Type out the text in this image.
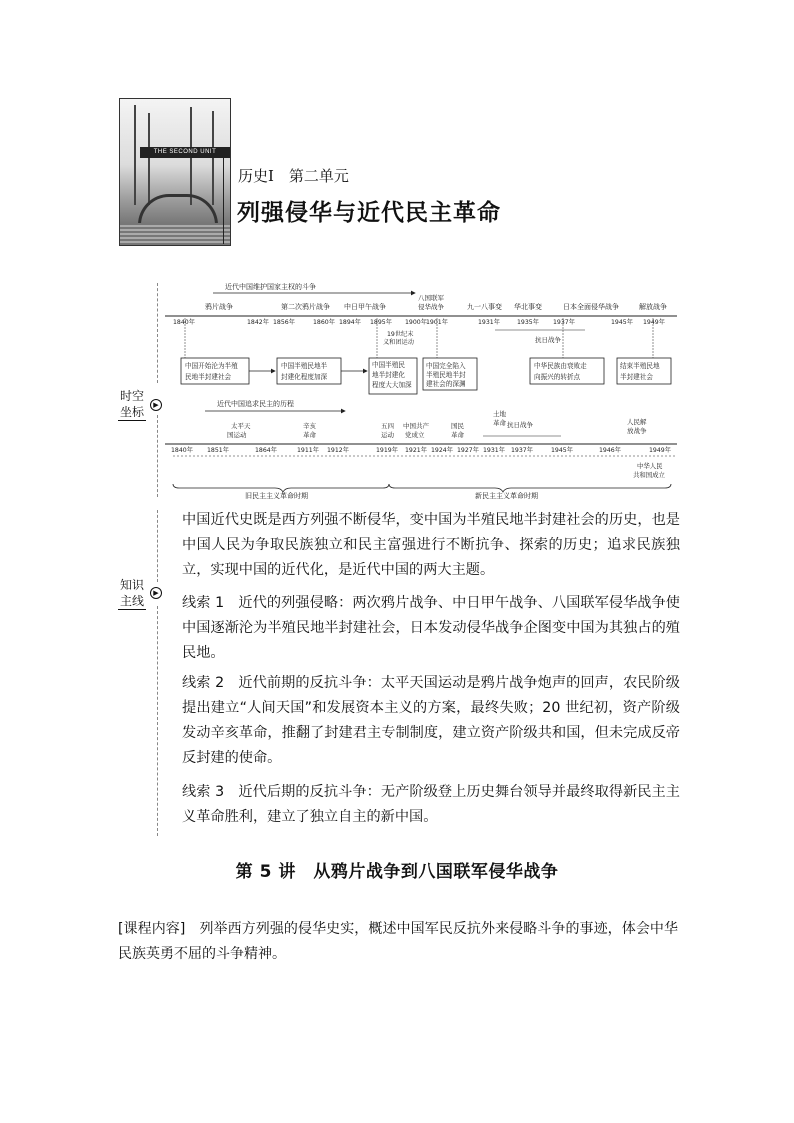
THE SECOND UNIT
历史Ⅰ　第二单元
列强侵华与近代民主革命
时空
坐标	▶
知识
主线
▶
近代中国维护国家主权的斗争
鸦片战争	第二次鸦片战争 中日甲午战争
八国联军侵华战争	九一八事变 华北事变	日本全面侵华战争	解放战争
1840年	1842年 1856年	1860年 1894年 1895年 1900年 1901年	1931年	1935年 1937年	1945年 1949年
19世纪末义和团运动	抗日战争
中国开始沦为半殖民地半封建社会
中国半殖民地半封建化程度加深
中国半殖民地半封建化程度大大加深
中国完全陷入半殖民地半封建社会的深渊
中华民族由衰败走向振兴的转折点
结束半殖民地半封建社会
近代中国追求民主的历程
太平天国运动
辛亥革命
五四运动
中国共产党成立
国民革命
土地革命 抗日战争	人民解放战争
1840年 1851年	1864年	1911年 1912年	1919年 1921年 1924年 1927年 1931年 1937年	1945年	1946年	1949年
中华人民共和国成立
旧民主主义革命时期	新民主主义革命时期
中国近代史既是西方列强不断侵华，变中国为半殖民地半封建社会的历史，也是中国人民为争取民族独立和民主富强进行不断抗争、探索的历史；追求民族独立，实现中国的近代化，是近代中国的两大主题。
线索 1　近代的列强侵略：两次鸦片战争、中日甲午战争、八国联军侵华战争使中国逐渐沦为半殖民地半封建社会，日本发动侵华战争企图变中国为其独占的殖民地。
线索 2　近代前期的反抗斗争：太平天国运动是鸦片战争炮声的回声，农民阶级提出建立“人间天国”和发展资本主义的方案，最终失败；20 世纪初，资产阶级发动辛亥革命，推翻了封建君主专制制度，建立资产阶级共和国，但未完成反帝反封建的使命。
线索 3　近代后期的反抗斗争：无产阶级登上历史舞台领导并最终取得新民主主义革命胜利，建立了独立自主的新中国。
第 5 讲　从鸦片战争到八国联军侵华战争
[课程内容]　列举西方列强的侵华史实，概述中国军民反抗外来侵略斗争的事迹，体会中华民族英勇不屈的斗争精神。
